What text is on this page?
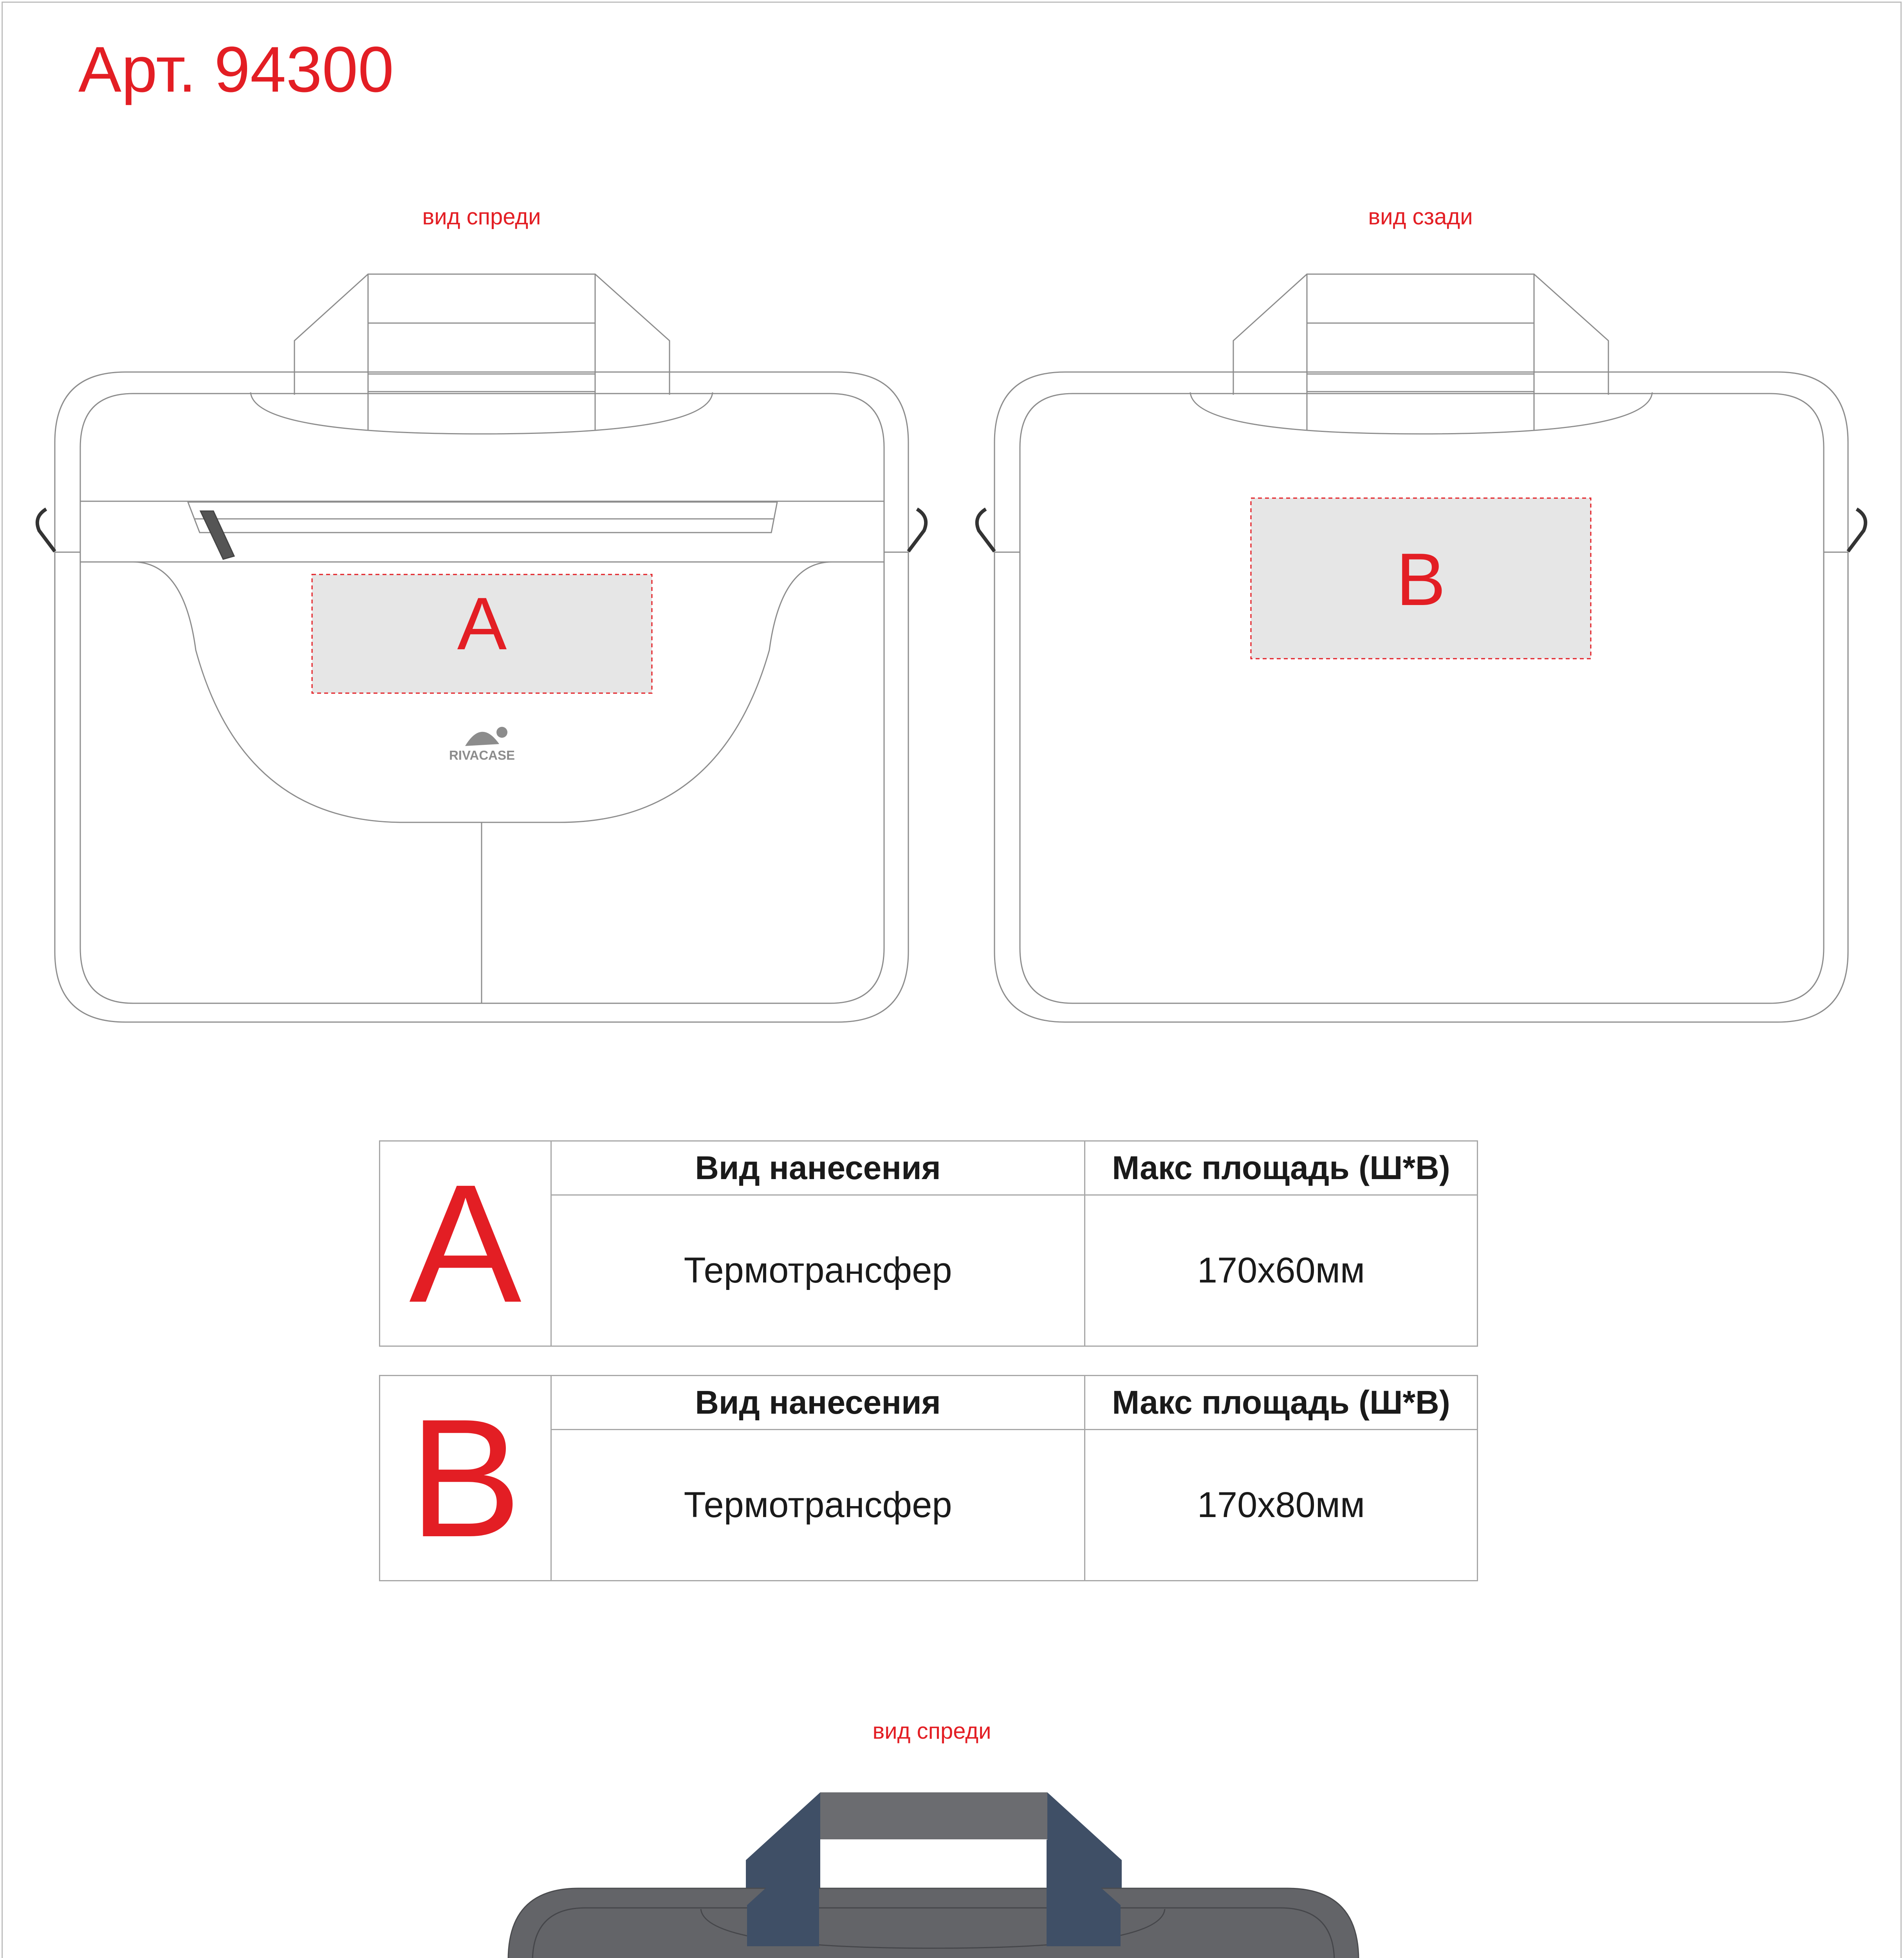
Арт. 94300
вид спреди	вид сзади
вид спреди
A
RIVACASE
B
A	Вид нанесения	Макс площадь (Ш*В)
	Термотрансфер	170х60мм
B	Вид нанесения	Макс площадь (Ш*В)
	Термотрансфер	170х80мм
